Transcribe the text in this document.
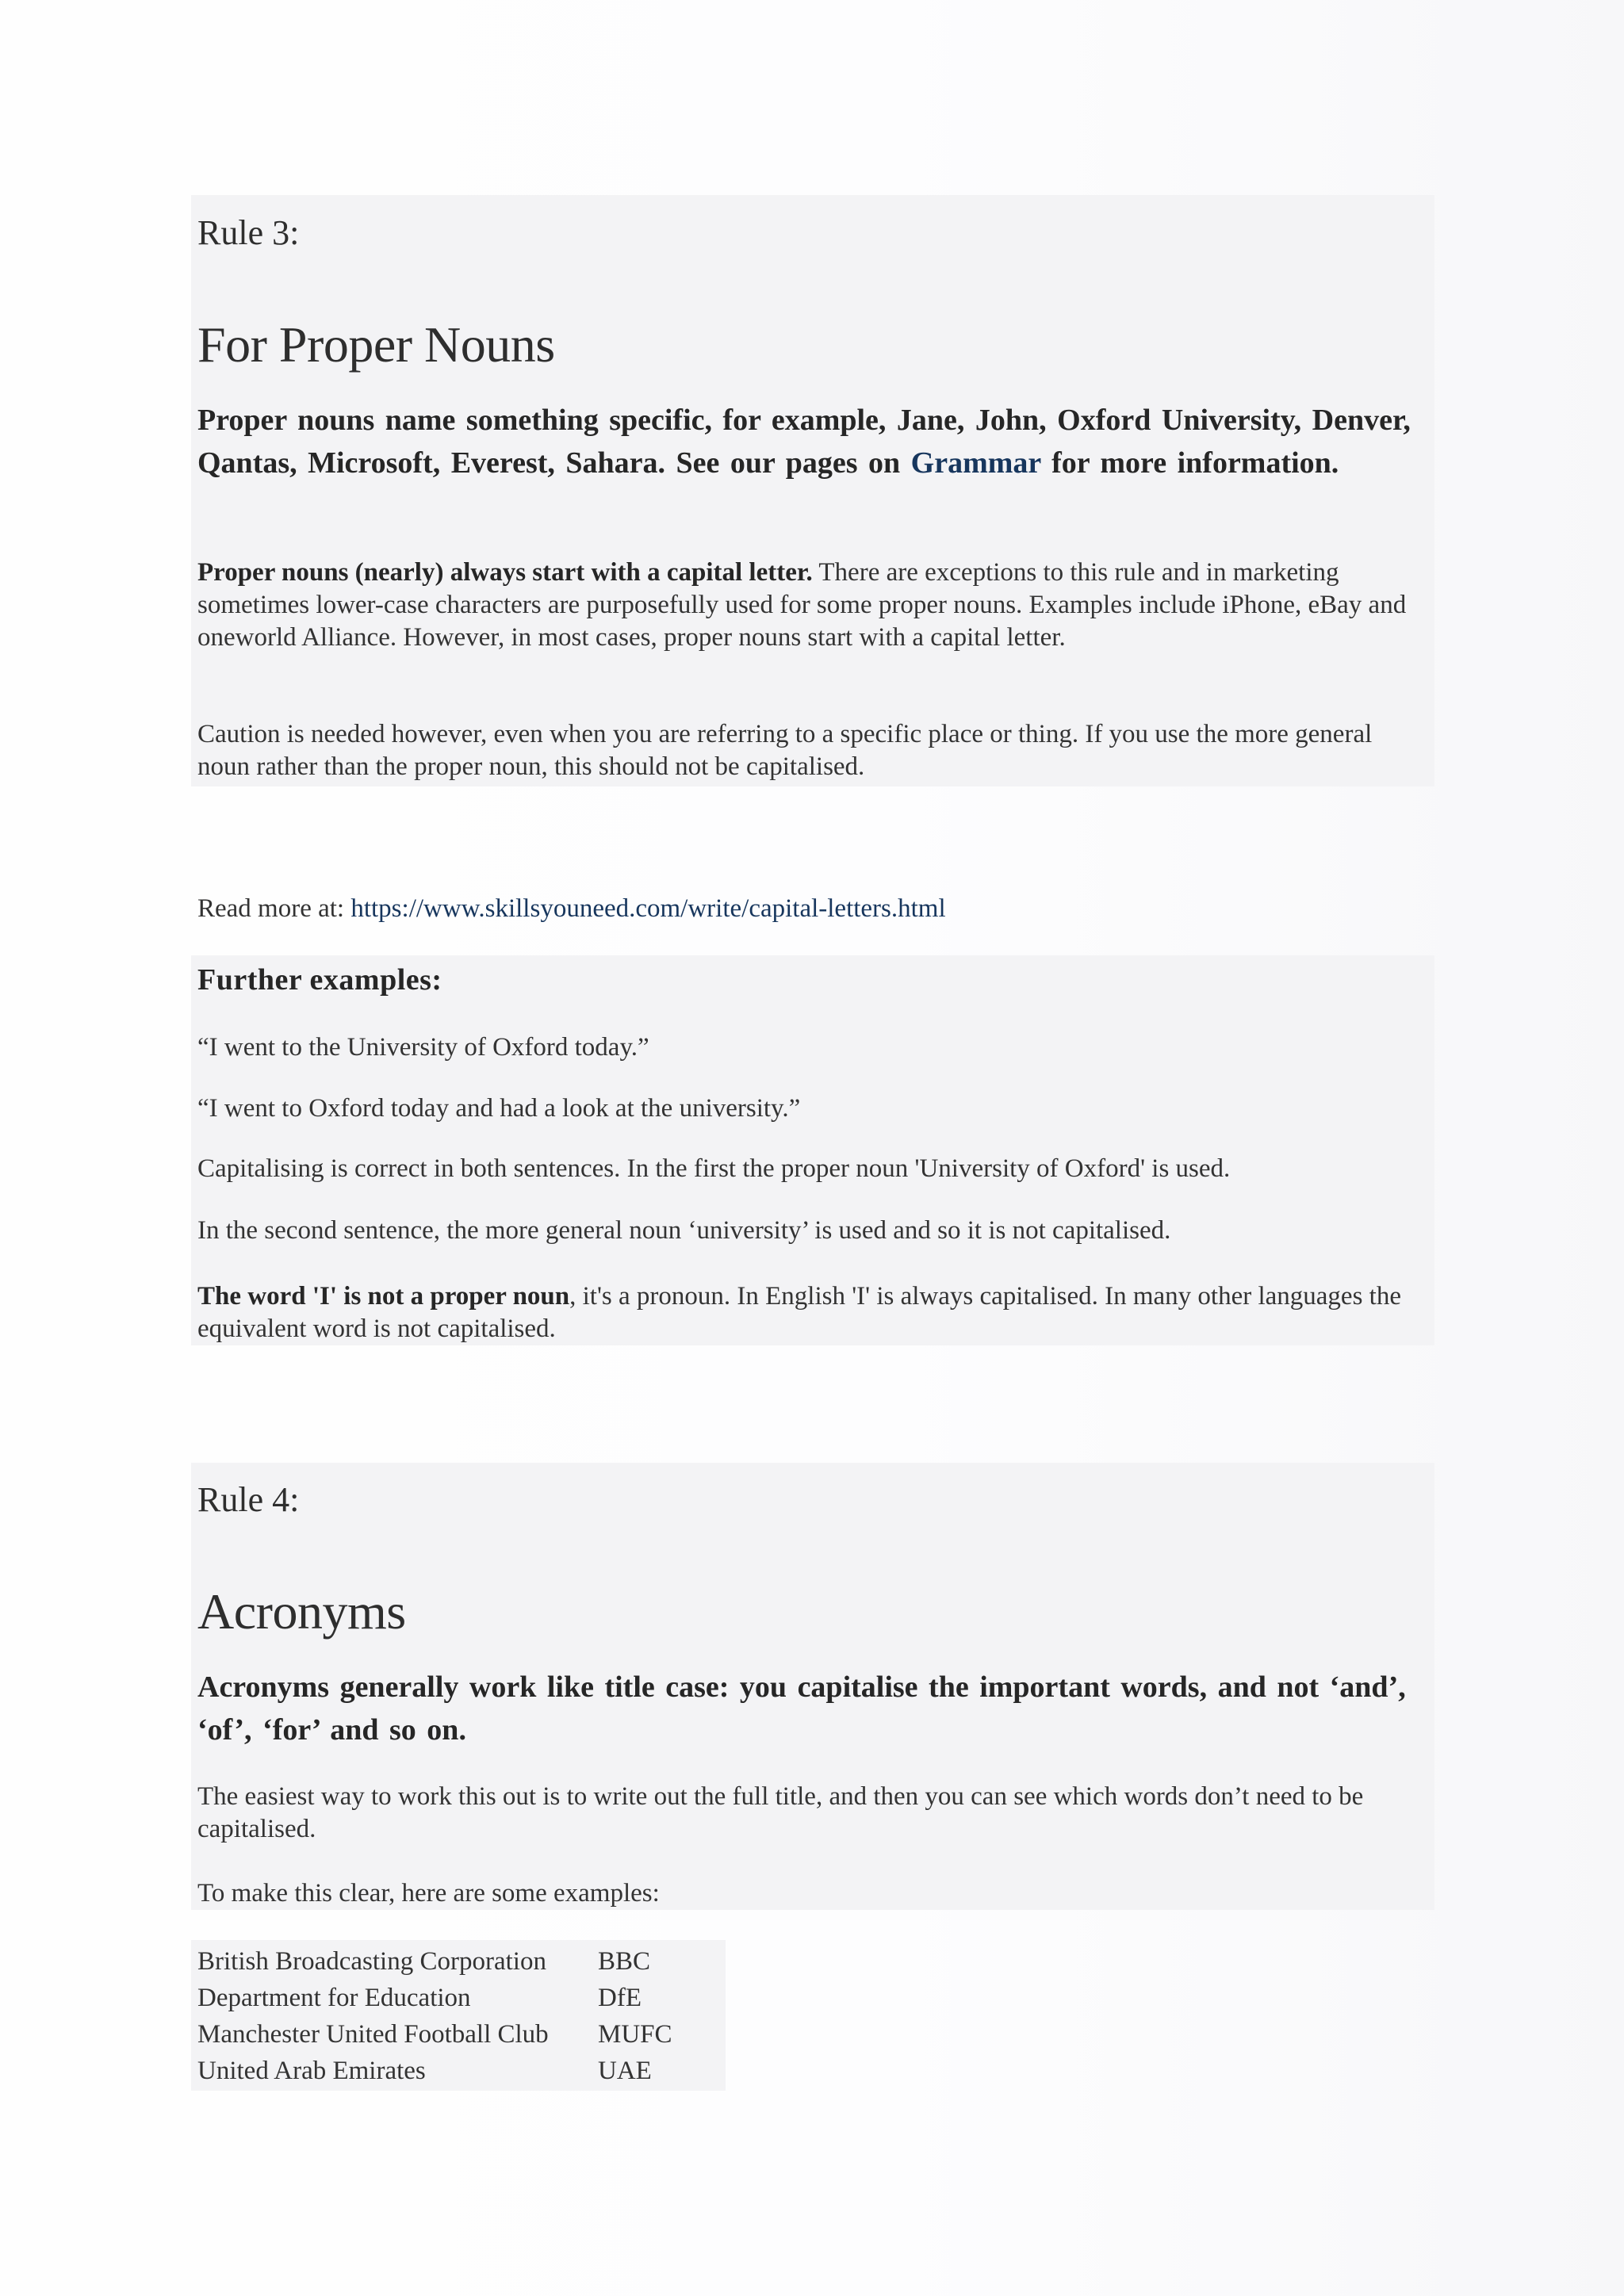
Rule 3:

For Proper Nouns

Proper nouns name something specific, for example, Jane, John, Oxford University, Denver, Qantas, Microsoft, Everest, Sahara. See our pages on Grammar for more information.

Proper nouns (nearly) always start with a capital letter. There are exceptions to this rule and in marketing sometimes lower-case characters are purposefully used for some proper nouns. Examples include iPhone, eBay and oneworld Alliance. However, in most cases, proper nouns start with a capital letter.

Caution is needed however, even when you are referring to a specific place or thing. If you use the more general noun rather than the proper noun, this should not be capitalised.

Read more at: https://www.skillsyouneed.com/write/capital-letters.html

Further examples:

“I went to the University of Oxford today.”

“I went to Oxford today and had a look at the university.”

Capitalising is correct in both sentences. In the first the proper noun 'University of Oxford' is used.

In the second sentence, the more general noun ‘university’ is used and so it is not capitalised.

The word 'I' is not a proper noun, it's a pronoun. In English 'I' is always capitalised. In many other languages the equivalent word is not capitalised.

Rule 4:

Acronyms

Acronyms generally work like title case: you capitalise the important words, and not ‘and’, ‘of’, ‘for’ and so on.

The easiest way to work this out is to write out the full title, and then you can see which words don’t need to be capitalised.

To make this clear, here are some examples:

British Broadcasting Corporation	BBC
Department for Education	DfE
Manchester United Football Club	MUFC
United Arab Emirates	UAE
